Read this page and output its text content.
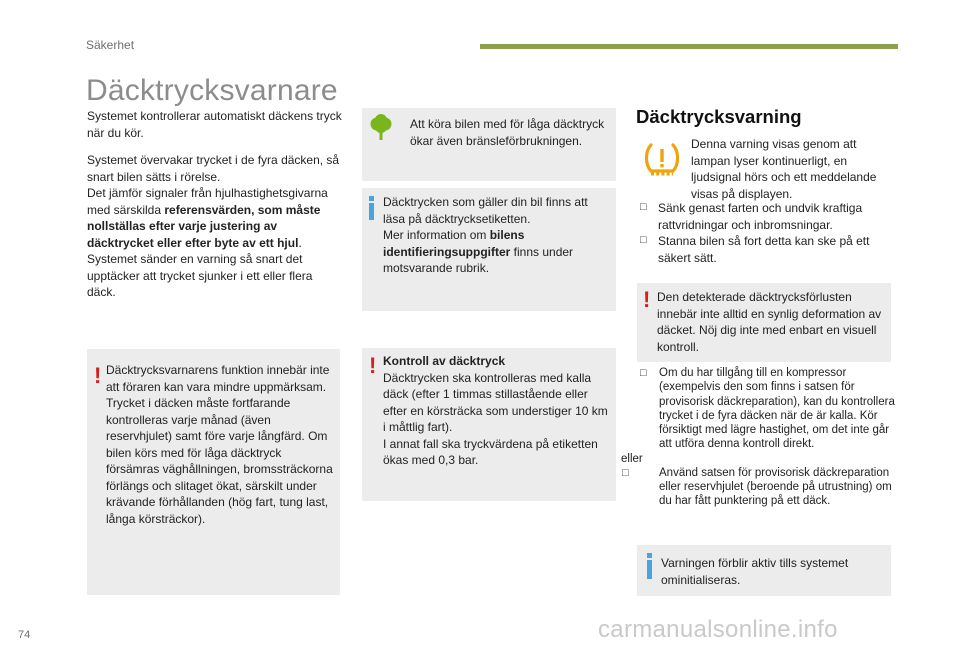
Säkerhet
Däcktrycksvarnare

Systemet kontrollerar automatiskt däckens tryck när du kör.

Systemet övervakar trycket i de fyra däcken, så snart bilen sätts i rörelse.

Det jämför signaler från hjulhastighetsgivarna med särskilda referensvärden, som måste nollställas efter varje justering av däcktrycket eller efter byte av ett hjul.

Systemet sänder en varning så snart det upptäcker att trycket sjunker i ett eller flera däck.

! Däcktrycksvarnarens funktion innebär inte att föraren kan vara mindre uppmärksam. Trycket i däcken måste fortfarande kontrolleras varje månad (även reservhjulet) samt före varje långfärd. Om bilen körs med för låga däcktryck försämras väghållningen, bromssträckorna förlängs och slitaget ökat, särskilt under krävande förhållanden (hög fart, tung last, långa körsträckor).

Att köra bilen med för låga däcktryck ökar även bränsleförbrukningen.

Däcktrycken som gäller din bil finns att läsa på däcktrycksetiketten.

Mer information om bilens identifieringsuppgifter finns under motsvarande rubrik.

! Kontroll av däcktryck

Däcktrycken ska kontrolleras med kalla däck (efter 1 timmas stillastående eller efter en körsträcka som understiger 10 km i måttlig fart).

I annat fall ska tryckvärdena på etiketten ökas med 0,3 bar.

Däcktrycksvarning

Denna varning visas genom att lampan lyser kontinuerligt, en ljudsignal hörs och ett meddelande visas på displayen.

□ Sänk genast farten och undvik kraftiga rattvridningar och inbromsningar.

□ Stanna bilen så fort detta kan ske på ett säkert sätt.

! Den detekterade däcktrycksförlusten innebär inte alltid en synlig deformation av däcket. Nöj dig inte med enbart en visuell kontroll.

□ Om du har tillgång till en kompressor (exempelvis den som finns i satsen för provisorisk däckreparation), kan du kontrollera trycket i de fyra däcken när de är kalla. Kör försiktigt med lägre hastighet, om det inte går att utföra denna kontroll direkt.

eller

□	Använd satsen för provisorisk däckreparation eller reservhjulet (beroende på utrustning) om du har fått punktering på ett däck.

Varningen förblir aktiv tills systemet ominitialiseras.

74	carmanualsonline.info
